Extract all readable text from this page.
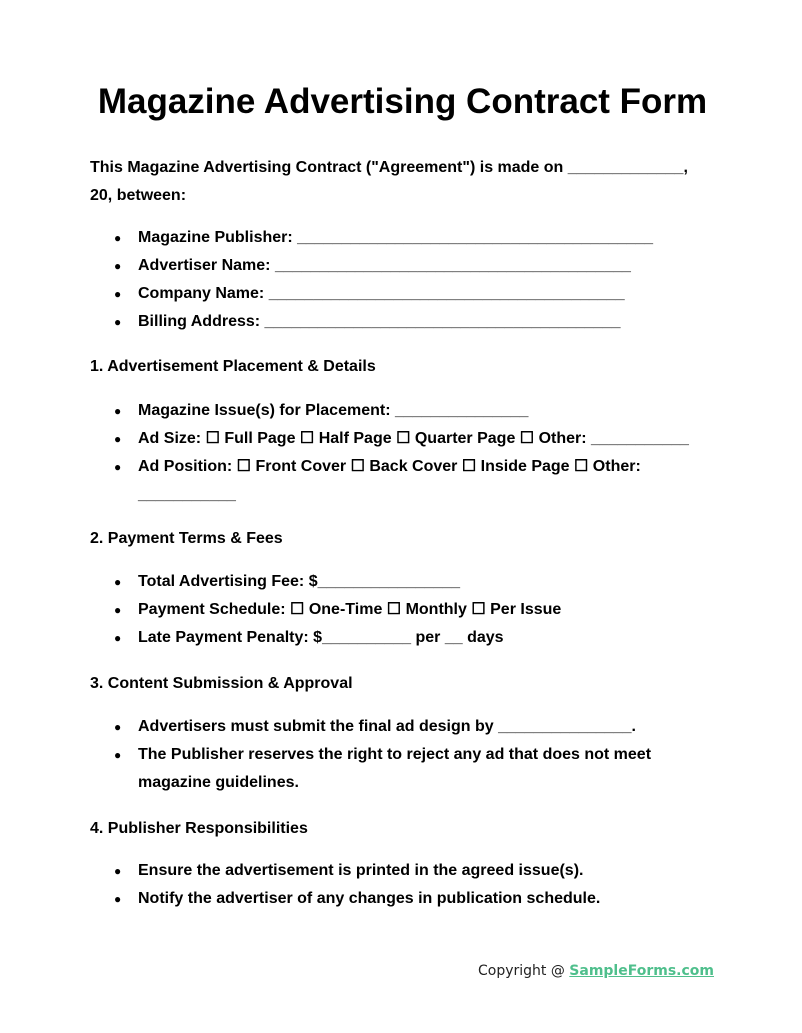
Magazine Advertising Contract Form

This Magazine Advertising Contract ("Agreement") is made on _____________, 20, between:

● Magazine Publisher: ________________________________________
● Advertiser Name: ________________________________________
● Company Name: ________________________________________
● Billing Address: ________________________________________

1. Advertisement Placement & Details

● Magazine Issue(s) for Placement: _______________
● Ad Size: ☐ Full Page ☐ Half Page ☐ Quarter Page ☐ Other: ___________
● Ad Position: ☐ Front Cover ☐ Back Cover ☐ Inside Page ☐ Other: ___________

2. Payment Terms & Fees

● Total Advertising Fee: $________________
● Payment Schedule: ☐ One-Time ☐ Monthly ☐ Per Issue
● Late Payment Penalty: $__________ per __ days

3. Content Submission & Approval

● Advertisers must submit the final ad design by _______________.
● The Publisher reserves the right to reject any ad that does not meet magazine guidelines.

4. Publisher Responsibilities

● Ensure the advertisement is printed in the agreed issue(s).
● Notify the advertiser of any changes in publication schedule.
Copyright @ SampleForms.com
